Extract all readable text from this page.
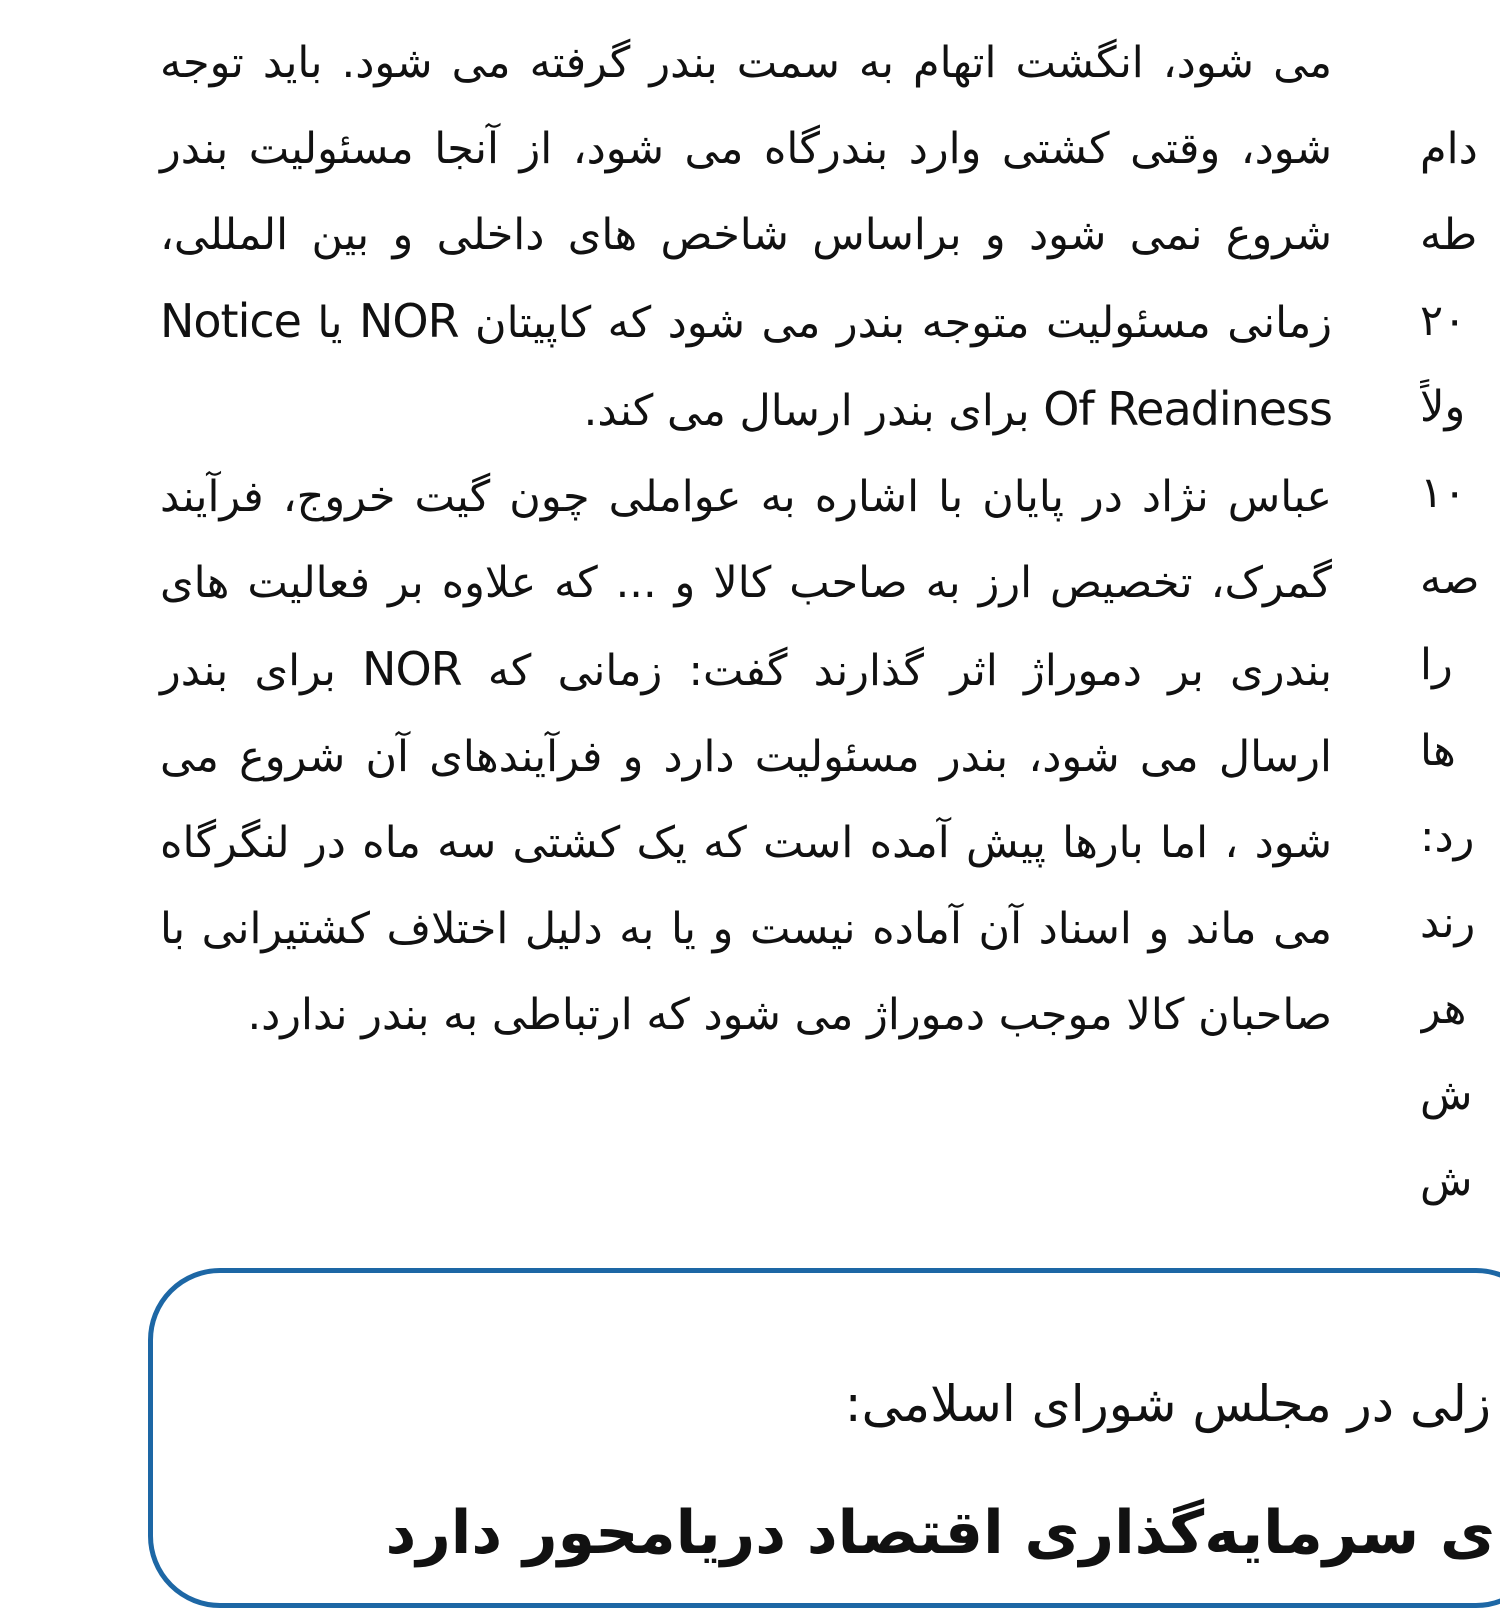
می شود، انگشت اتهام به سمت بندر گرفته می شود. باید توجه شود، وقتی کشتی وارد بندرگاه می شود، از آنجا مسئولیت بندر شروع نمی شود و براساس شاخص های داخلی و بین المللی، زمانی مسئولیت متوجه بندر می شود که کاپیتان NOR یا Notice Of Readiness برای بندر ارسال می کند.

عباس نژاد در پایان با اشاره به عواملی چون گیت خروج، فرآیند گمرک، تخصیص ارز به صاحب کالا و ... که علاوه بر فعالیت های بندری بر دموراژ اثر گذارند گفت: زمانی که NOR برای بندر ارسال می شود، بندر مسئولیت دارد و فرآیندهای آن شروع می شود ، اما بارها پیش آمده است که یک کشتی سه ماه در لنگرگاه می ماند و اسناد آن آماده نیست و یا به دلیل اختلاف کشتیرانی با صاحبان کالا موجب دموراژ می شود که ارتباطی به بندر ندارد.

دام
طه
۲۰
ولاً
۱۰
صه
را
ها
رد:
رند
هر
ش
ش
زلی در مجلس شورای اسلامی:
ی سرمایه‌گذاری اقتصاد دریامحور دارد
